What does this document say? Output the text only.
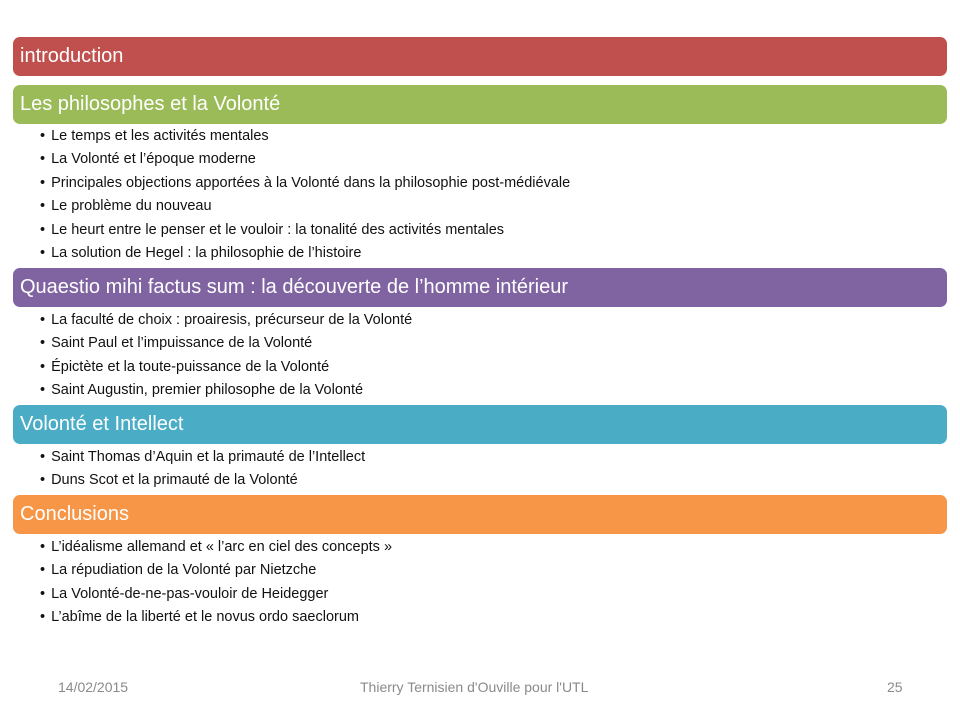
introduction
Les philosophes et la Volonté
• Le temps et les activités mentales
• La Volonté et l’époque moderne
• Principales objections apportées à la Volonté dans la philosophie post-médiévale
• Le problème du nouveau
• Le heurt entre le penser et le vouloir : la tonalité des activités mentales
• La solution de Hegel : la philosophie de l’histoire
Quaestio mihi factus sum : la découverte de l’homme intérieur
• La faculté de choix : proairesis, précurseur de la Volonté
• Saint Paul et l’impuissance de la Volonté
• Épictète et la toute-puissance de la Volonté
• Saint Augustin, premier philosophe de la Volonté
Volonté et Intellect
• Saint Thomas d’Aquin et la primauté de l’Intellect
• Duns Scot et la primauté de la Volonté
Conclusions
• L’idéalisme allemand et « l’arc en ciel des concepts »
• La répudiation de la Volonté par Nietzche
• La Volonté-de-ne-pas-vouloir de Heidegger
• L’abîme de la liberté et le novus ordo saeclorum
14/02/2015	Thierry Ternisien d'Ouville pour l'UTL	25
